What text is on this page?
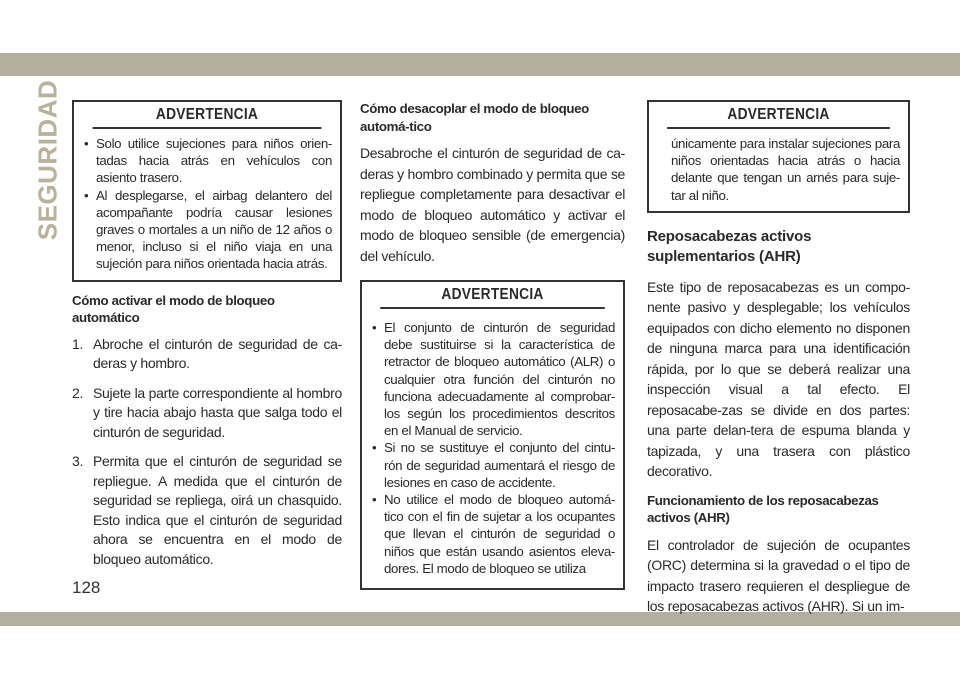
SEGURIDAD	ADVERTENCIA
• Solo utilice sujeciones para niños orien-tadas hacia atrás en vehículos con asiento trasero.
• Al desplegarse, el airbag delantero del acompañante podría causar lesiones graves o mortales a un niño de 12 años o menor, incluso si el niño viaja en una sujeción para niños orientada hacia atrás.
Cómo activar el modo de bloqueo automático
1. Abroche el cinturón de seguridad de ca-deras y hombro.
2. Sujete la parte correspondiente al hombro y tire hacia abajo hasta que salga todo el cinturón de seguridad.
3. Permita que el cinturón de seguridad se repliegue. A medida que el cinturón de seguridad se repliega, oirá un chasquido. Esto indica que el cinturón de seguridad ahora se encuentra en el modo de bloqueo automático.
Cómo desacoplar el modo de bloqueo automá-tico
Desabroche el cinturón de seguridad de ca-deras y hombro combinado y permita que se repliegue completamente para desactivar el modo de bloqueo automático y activar el modo de bloqueo sensible (de emergencia) del vehículo.
ADVERTENCIA
• El conjunto de cinturón de seguridad debe sustituirse si la característica de retractor de bloqueo automático (ALR) o cualquier otra función del cinturón no funciona adecuadamente al comprobar-los según los procedimientos descritos en el Manual de servicio.
• Si no se sustituye el conjunto del cintu-rón de seguridad aumentará el riesgo de lesiones en caso de accidente.
• No utilice el modo de bloqueo automá-tico con el fin de sujetar a los ocupantes que llevan el cinturón de seguridad o niños que están usando asientos eleva-dores. El modo de bloqueo se utiliza
ADVERTENCIA

únicamente para instalar sujeciones para niños orientadas hacia atrás o hacia delante que tengan un arnés para suje-tar al niño.

Reposacabezas activos suplementarios (AHR)
Este tipo de reposacabezas es un compo-nente pasivo y desplegable; los vehículos equipados con dicho elemento no disponen de ninguna marca para una identificación rápida, por lo que se deberá realizar una inspección visual a tal efecto. El reposacabe-zas se divide en dos partes: una parte delan-tera de espuma blanda y tapizada, y una trasera con plástico decorativo.
Funcionamiento de los reposacabezas activos (AHR)
El controlador de sujeción de ocupantes (ORC) determina si la gravedad o el tipo de impacto trasero requieren el despliegue de los reposacabezas activos (AHR). Si un im-
128
